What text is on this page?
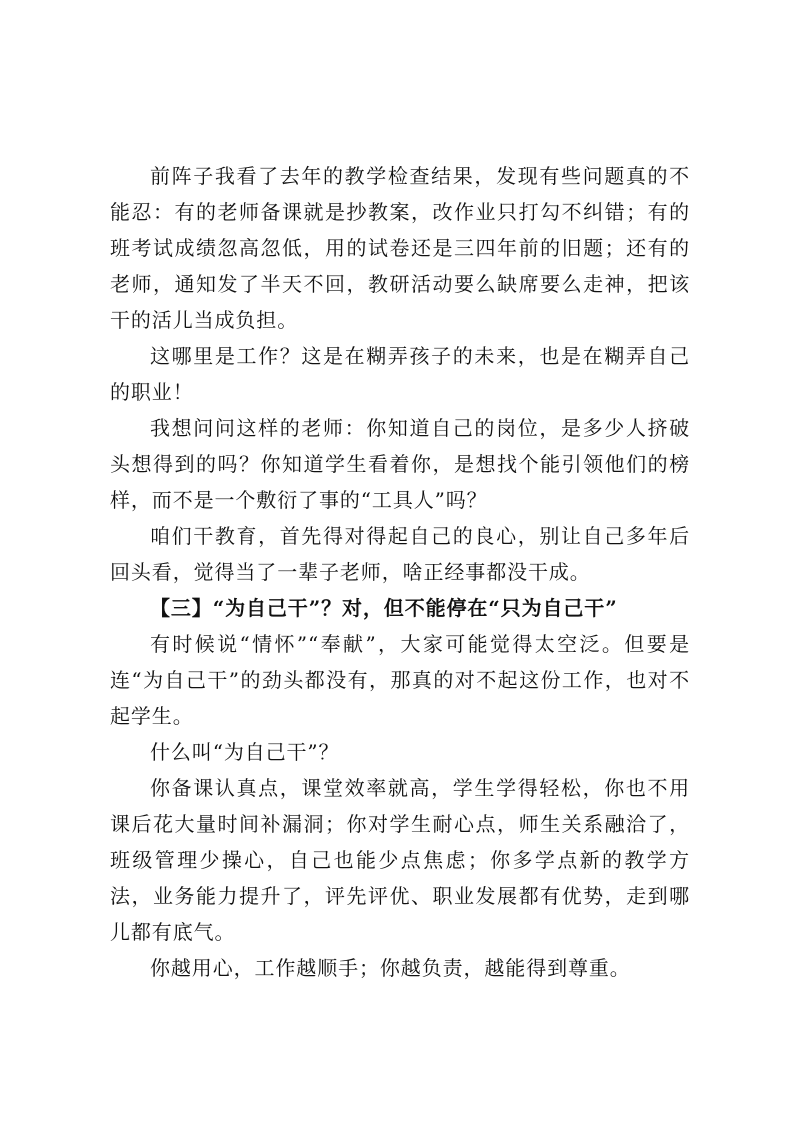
前阵子我看了去年的教学检查结果，发现有些问题真的不能忍：有的老师备课就是抄教案，改作业只打勾不纠错；有的班考试成绩忽高忽低，用的试卷还是三四年前的旧题；还有的老师，通知发了半天不回，教研活动要么缺席要么走神，把该干的活儿当成负担。

这哪里是工作？这是在糊弄孩子的未来，也是在糊弄自己的职业！

我想问问这样的老师：你知道自己的岗位，是多少人挤破头想得到的吗？你知道学生看着你，是想找个能引领他们的榜样，而不是一个敷衍了事的“工具人”吗？

咱们干教育，首先得对得起自己的良心，别让自己多年后回头看，觉得当了一辈子老师，啥正经事都没干成。

【三】“为自己干”？对，但不能停在“只为自己干”

有时候说“情怀”“奉献”，大家可能觉得太空泛。但要是连“为自己干”的劲头都没有，那真的对不起这份工作，也对不起学生。

什么叫“为自己干”？

你备课认真点，课堂效率就高，学生学得轻松，你也不用课后花大量时间补漏洞；你对学生耐心点，师生关系融洽了，班级管理少操心，自己也能少点焦虑；你多学点新的教学方法，业务能力提升了，评先评优、职业发展都有优势，走到哪儿都有底气。

你越用心，工作越顺手；你越负责，越能得到尊重。
